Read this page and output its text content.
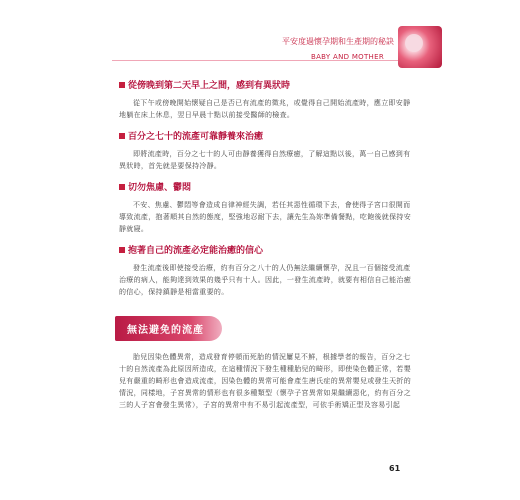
平安度過懷孕期和生產期的秘訣
BABY AND MOTHER
從傍晚到第二天早上之間，感到有異狀時

從下午或傍晚開始懷疑自己是否已有流產的徵兆，或覺得自己開始流產時，應立即安靜地躺在床上休息，翌日早晨十點以前接受醫師的檢查。

百分之七十的流產可靠靜養來治癒

即將流產時，百分之七十的人可由靜養獲得自然療癒，了解這點以後，萬一自己感到有異狀時，首先就是要保持冷靜。

切勿焦慮、鬱悶

不安、焦慮、鬱悶等會造成自律神經失調，若任其惡性循環下去，會使得子宮口很開而導致流產，抱著順其自然的態度，堅強地忍耐下去，讓先生為妳準備餐點，吃飽後就保持安靜就寢。

抱著自己的流產必定能治癒的信心

發生流產後即使接受治療，約有百分之八十的人仍無法繼續懷孕，況且一百個接受流產治療的病人，能夠達到效果的幾乎只有十人。因此，一發生流產時，就要有相信自己能治癒的信心，保持鎮靜是相當重要的。

無法避免的流產

胎兒因染色體異常，造成發育停頓而死胎的情況屢見不鮮，根據學者的報告，百分之七十的自然流產為此原因所造成，在這種情況下發生種種胎兒的畸形，即使染色體正常，若嬰兒有嚴重的畸形也會造成流產，因染色體的異常可能會產生唐氏症的異常嬰兒或發生天折的情況，同樣地，子宮異常的情形也有很多種類型（懷孕子宮異常如果繼續惡化，約有百分之三的人子宮會發生異常），子宮的異常中有不易引起流產型，可依手術矯正型及容易引起

61
